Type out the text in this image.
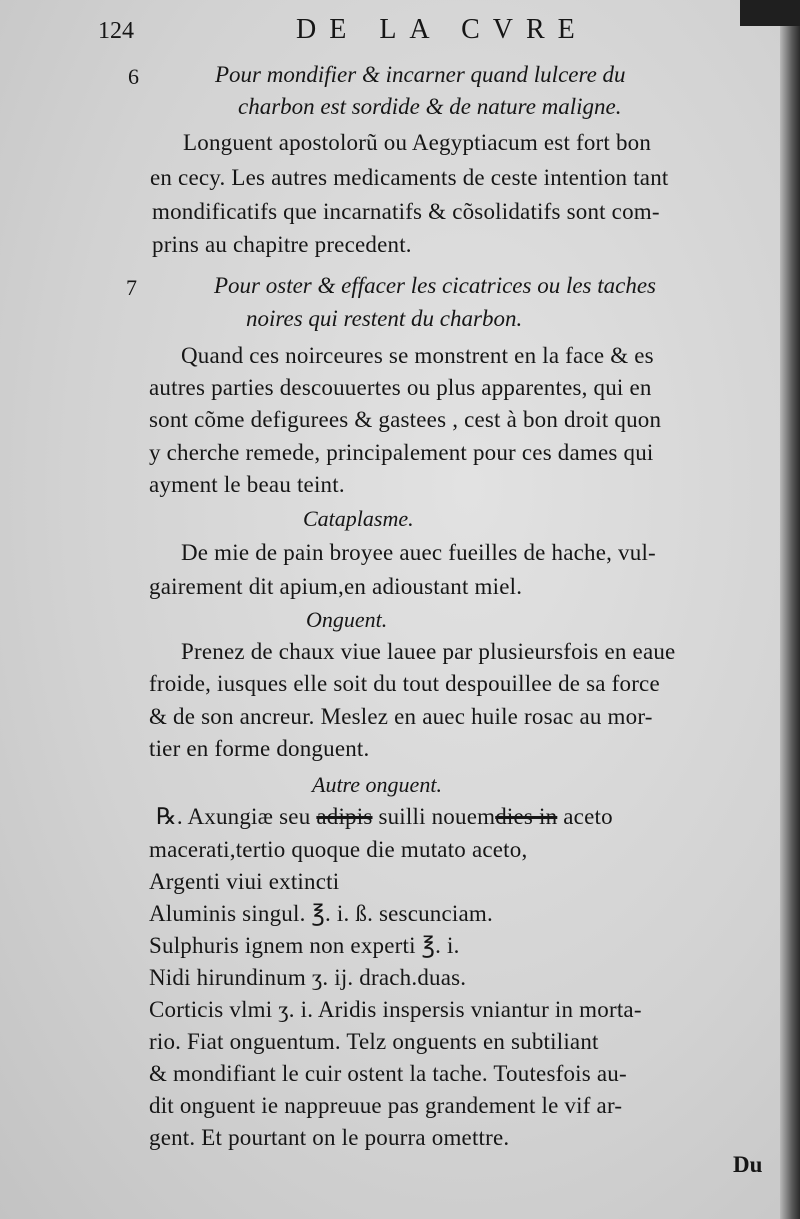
124	DE LA CVRE
6	Pour mondifier & incarner quand lulcere du
charbon est sordide & de nature maligne.
Longuent apostolorũ ou Aegyptiacum est fort bon
en cecy. Les autres medicaments de ceste intention tant
mondificatifs que incarnatifs & cõsolidatifs sont com-
prins au chapitre precedent.
7	Pour oster & effacer les cicatrices ou les taches
noires qui restent du charbon.
Quand ces noirceures se monstrent en la face & es
autres parties descouuertes ou plus apparentes, qui en
sont cõme defigurees & gastees , cest à bon droit quon
y cherche remede, principalement pour ces dames qui
ayment le beau teint.
Cataplasme.
De mie de pain broyee auec fueilles de hache, vul-
gairement dit apium,en adioustant miel.
Onguent.
Prenez de chaux viue lauee par plusieursfois en eaue
froide, iusques elle soit du tout despouillee de sa force
& de son ancreur. Meslez en auec huile rosac au mor-
tier en forme donguent.
Autre onguent.
℞. Axungiæ seu adipis suilli nouemdies in aceto
macerati,tertio quoque die mutato aceto,
Argenti viui extincti
Aluminis singul. ℥. i. ß. sescunciam.
Sulphuris ignem non experti ℥. i.
Nidi hirundinum ʒ. ij. drach.duas.
Corticis vlmi ʒ. i. Aridis inspersis vniantur in morta-
rio. Fiat onguentum. Telz onguents en subtiliant
& mondifiant le cuir ostent la tache. Toutesfois au-
dit onguent ie nappreuue pas grandement le vif ar-
gent. Et pourtant on le pourra omettre.
Du
